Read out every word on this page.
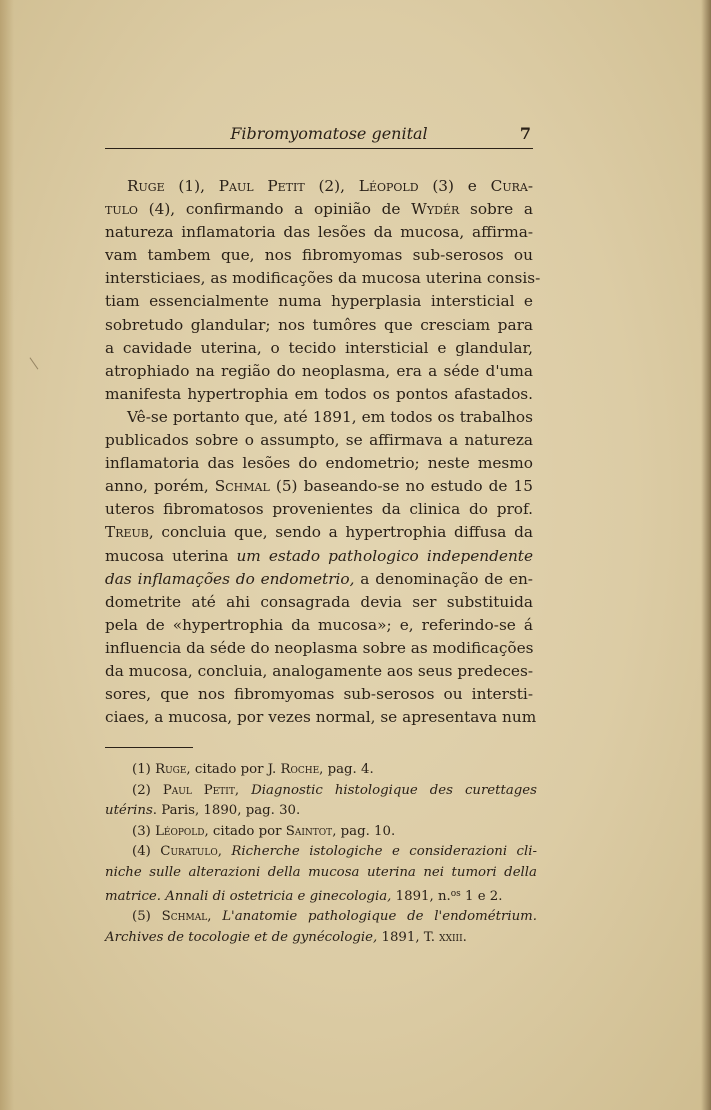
Fibromyomatose genital	7
Ruge (1), Paul Petit (2), Léopold (3) e Cura-
tulo (4), confirmando a opinião de Wydér sobre a
natureza inflamatoria das lesões da mucosa, affirma-
vam tambem que, nos fibromyomas sub-serosos ou
intersticiaes, as modificações da mucosa uterina consis-
tiam essencialmente numa hyperplasia intersticial e
sobretudo glandular; nos tumôres que cresciam para
a cavidade uterina, o tecido intersticial e glandular,
atrophiado na região do neoplasma, era a séde d'uma
manifesta hypertrophia em todos os pontos afastados.
Vê-se portanto que, até 1891, em todos os trabalhos
publicados sobre o assumpto, se affirmava a natureza
inflamatoria das lesões do endometrio; neste mesmo
anno, porém, Schmal (5) baseando-se no estudo de 15
uteros fibromatosos provenientes da clinica do prof.
Treub, concluia que, sendo a hypertrophia diffusa da
mucosa uterina um estado pathologico independente
das inflamações do endometrio, a denominação de en-
dometrite até ahi consagrada devia ser substituida
pela de «hypertrophia da mucosa»; e, referindo-se á
influencia da séde do neoplasma sobre as modificações
da mucosa, concluia, analogamente aos seus predeces-
sores, que nos fibromyomas sub-serosos ou intersti-
ciaes, a mucosa, por vezes normal, se apresentava num
(1) Ruge, citado por J. Roche, pag. 4.
(2) Paul Petit, Diagnostic histologique des curettages
utérins. Paris, 1890, pag. 30.
(3) Léopold, citado por Saintot, pag. 10.
(4) Curatulo, Richerche istologiche e considerazioni cli-
niche sulle alterazioni della mucosa uterina nei tumori della
matrice. Annali di ostetricia e ginecologia, 1891, n.$^{os}$ 1 e 2.
(5) Schmal, L'anatomie pathologique de l'endométrium.
Archives de tocologie et de gynécologie, 1891, T. xxiii.
